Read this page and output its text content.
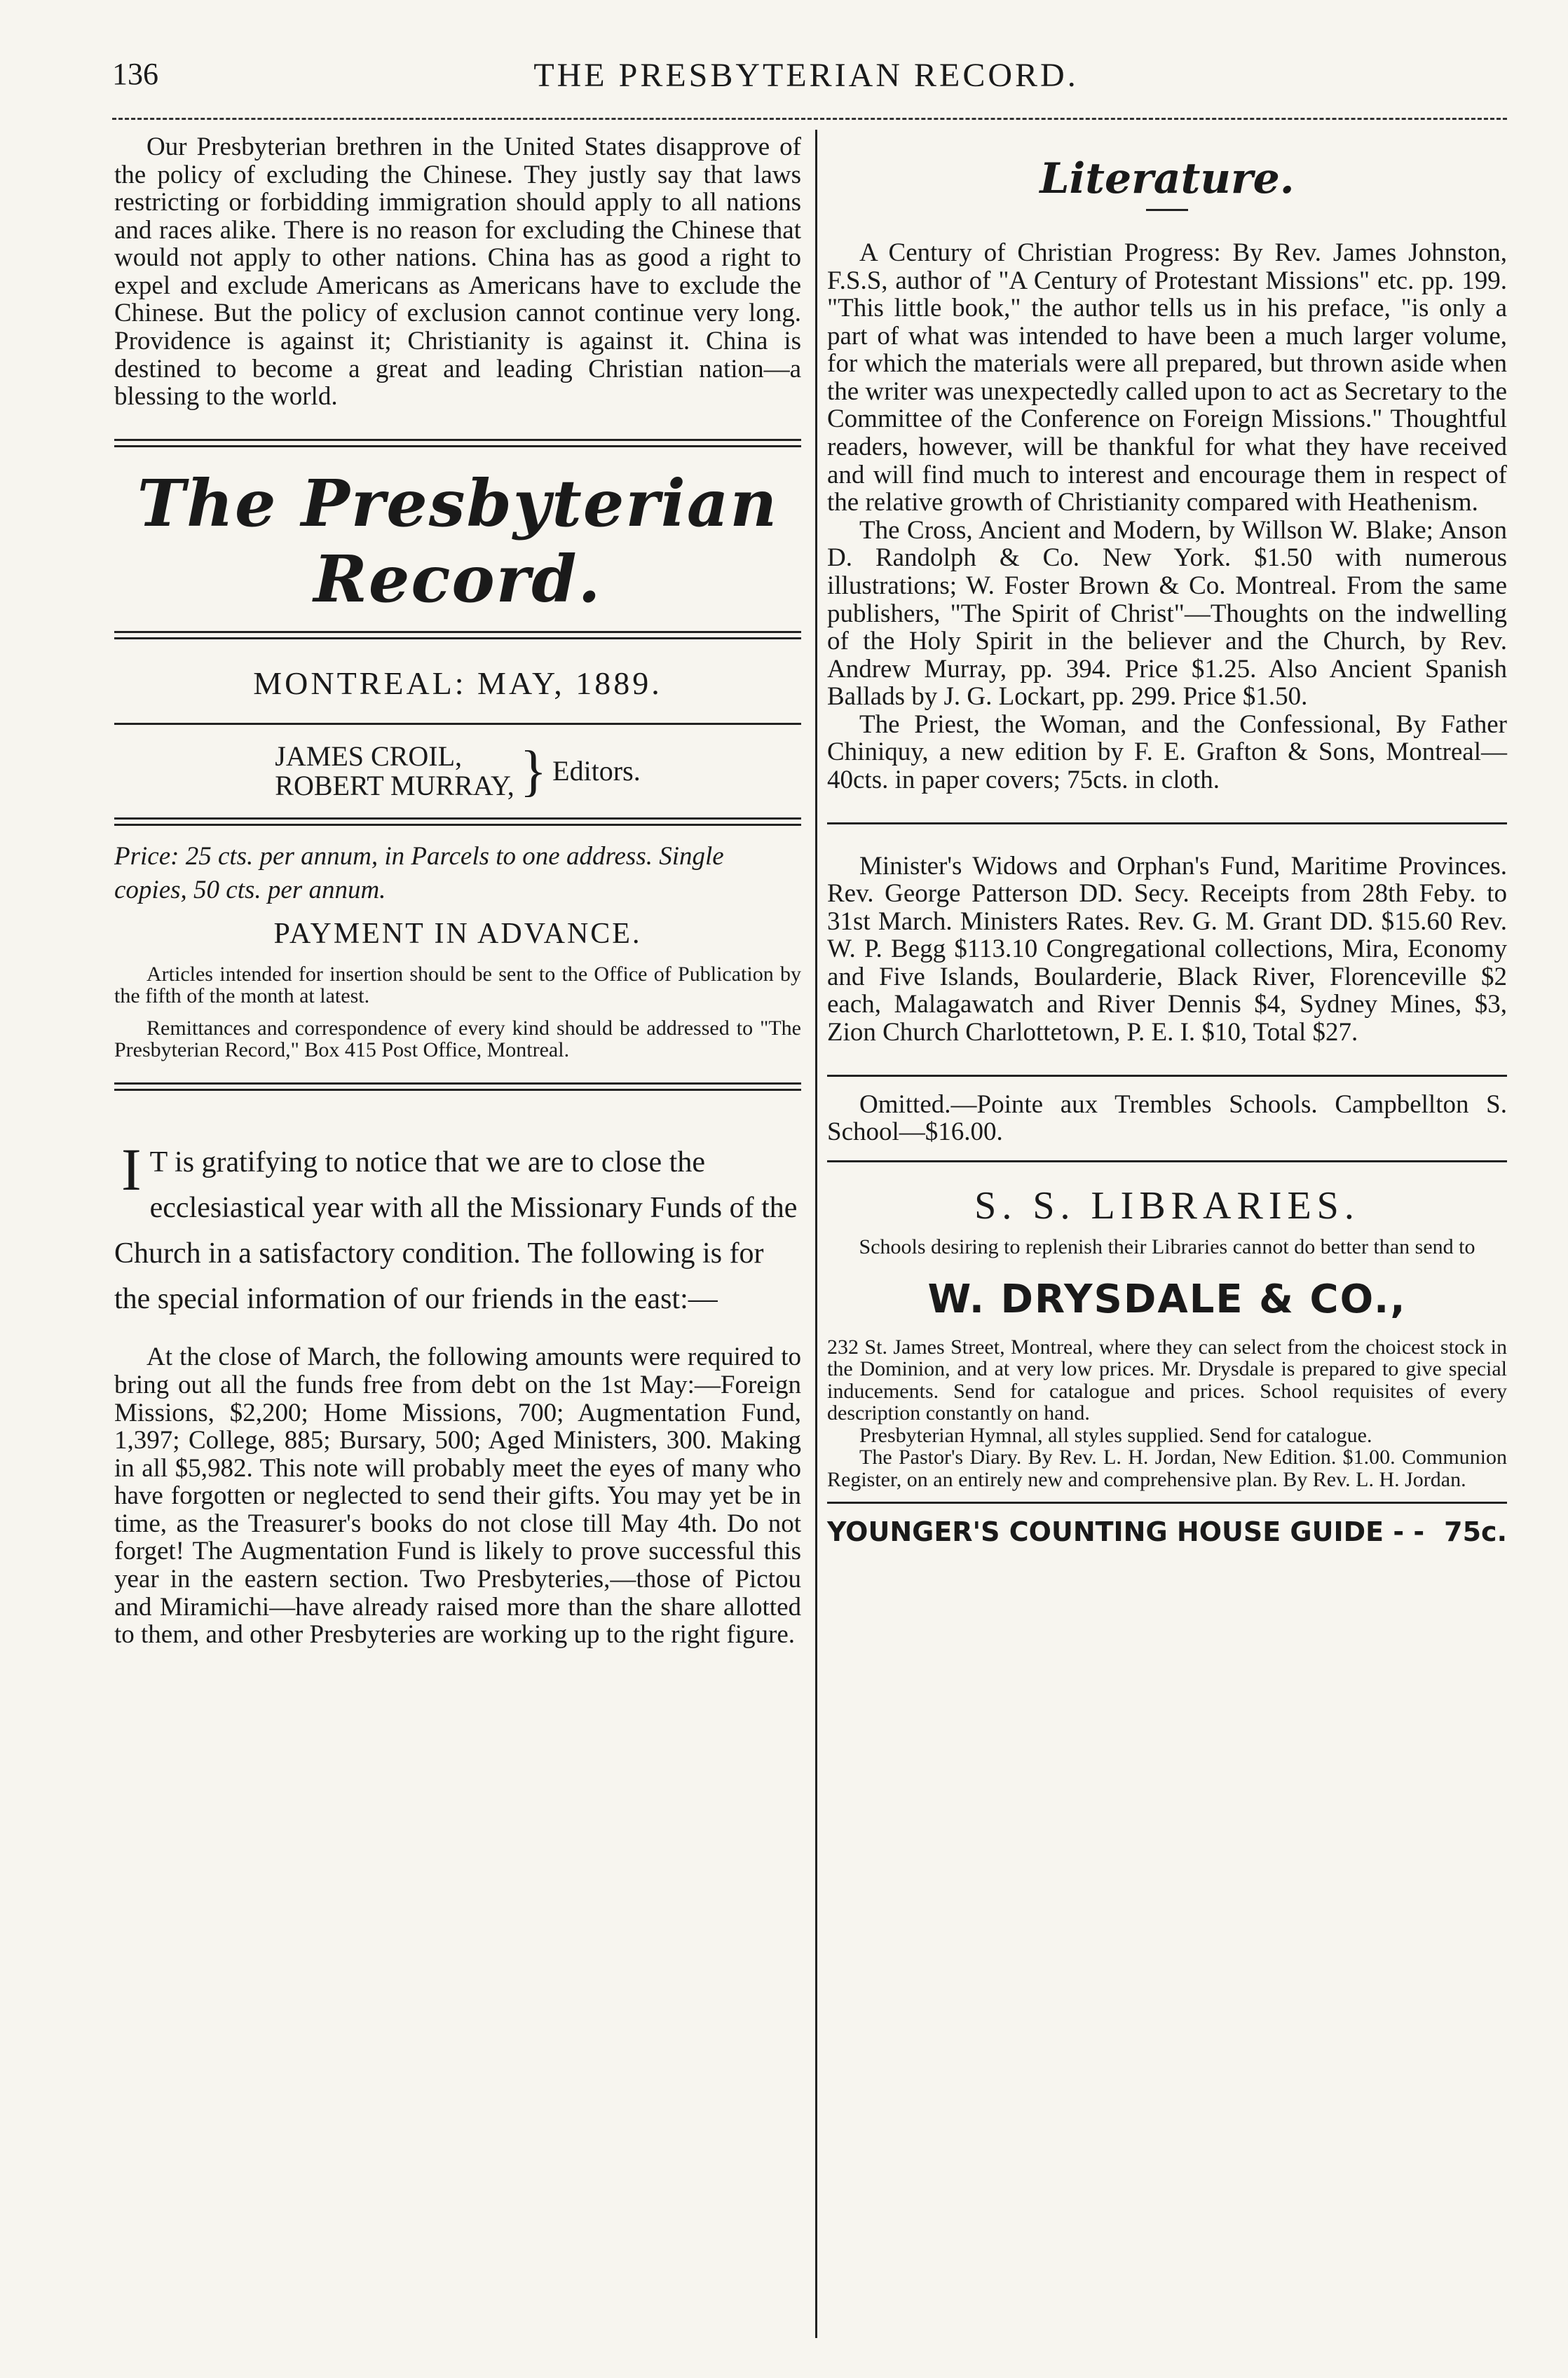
136	THE PRESBYTERIAN RECORD.

Our Presbyterian brethren in the United States disapprove of the policy of excluding the Chinese. They justly say that laws restricting or forbidding immigration should apply to all nations and races alike. There is no reason for excluding the Chinese that would not apply to other nations. China has as good a right to expel and exclude Americans as Americans have to exclude the Chinese. But the policy of exclusion cannot continue very long. Providence is against it; Christianity is against it. China is destined to become a great and leading Christian nation—a blessing to the world.

The Presbyterian Record.
MONTREAL: MAY, 1889.
JAMES CROIL,
ROBERT MURRAY, } Editors.

Price: 25 cts. per annum, in Parcels to one address. Single copies, 50 cts. per annum.

PAYMENT IN ADVANCE.

Articles intended for insertion should be sent to the Office of Publication by the fifth of the month at latest.

Remittances and correspondence of every kind should be addressed to "The Presbyterian Record," Box 415 Post Office, Montreal.

I T is gratifying to notice that we are to close the ecclesiastical year with all the Missionary Funds of the Church in a satisfactory condition. The following is for the special information of our friends in the east:—

At the close of March, the following amounts were required to bring out all the funds free from debt on the 1st May:—Foreign Missions, $2,200; Home Missions, 700; Augmentation Fund, 1,397; College, 885; Bursary, 500; Aged Ministers, 300. Making in all $5,982. This note will probably meet the eyes of many who have forgotten or neglected to send their gifts. You may yet be in time, as the Treasurer's books do not close till May 4th. Do not forget! The Augmentation Fund is likely to prove successful this year in the eastern section. Two Presbyteries,—those of Pictou and Miramichi—have already raised more than the share allotted to them, and other Presbyteries are working up to the right figure.

Literature.

A Century of Christian Progress: By Rev. James Johnston, F.S.S, author of "A Century of Protestant Missions" etc. pp. 199. "This little book," the author tells us in his preface, "is only a part of what was intended to have been a much larger volume, for which the materials were all prepared, but thrown aside when the writer was unexpectedly called upon to act as Secretary to the Committee of the Conference on Foreign Missions." Thoughtful readers, however, will be thankful for what they have received and will find much to interest and encourage them in respect of the relative growth of Christianity compared with Heathenism.

The Cross, Ancient and Modern, by Willson W. Blake; Anson D. Randolph & Co. New York. $1.50 with numerous illustrations; W. Foster Brown & Co. Montreal. From the same publishers, "The Spirit of Christ"—Thoughts on the indwelling of the Holy Spirit in the believer and the Church, by Rev. Andrew Murray, pp. 394. Price $1.25. Also Ancient Spanish Ballads by J. G. Lockart, pp. 299. Price $1.50.

The Priest, the Woman, and the Confessional, By Father Chiniquy, a new edition by F. E. Grafton & Sons, Montreal—40cts. in paper covers; 75cts. in cloth.

Minister's Widows and Orphan's Fund, Maritime Provinces. Rev. George Patterson DD. Secy. Receipts from 28th Feby. to 31st March. Ministers Rates. Rev. G. M. Grant DD. $15.60 Rev. W. P. Begg $113.10 Congregational collections, Mira, Economy and Five Islands, Boularderie, Black River, Florenceville $2 each, Malagawatch and River Dennis $4, Sydney Mines, $3, Zion Church Charlottetown, P. E. I. $10, Total $27.

Omitted.—Pointe aux Trembles Schools. Campbellton S. School—$16.00.

S. S. LIBRARIES.

Schools desiring to replenish their Libraries cannot do better than send to

W. DRYSDALE & CO.,

232 St. James Street, Montreal, where they can select from the choicest stock in the Dominion, and at very low prices. Mr. Drysdale is prepared to give special inducements. Send for catalogue and prices. School requisites of every description constantly on hand.

Presbyterian Hymnal, all styles supplied. Send for catalogue.

The Pastor's Diary. By Rev. L. H. Jordan, New Edition. $1.00. Communion Register, on an entirely new and comprehensive plan. By Rev. L. H. Jordan.

YOUNGER'S COUNTING HOUSE GUIDE - - 75c.
